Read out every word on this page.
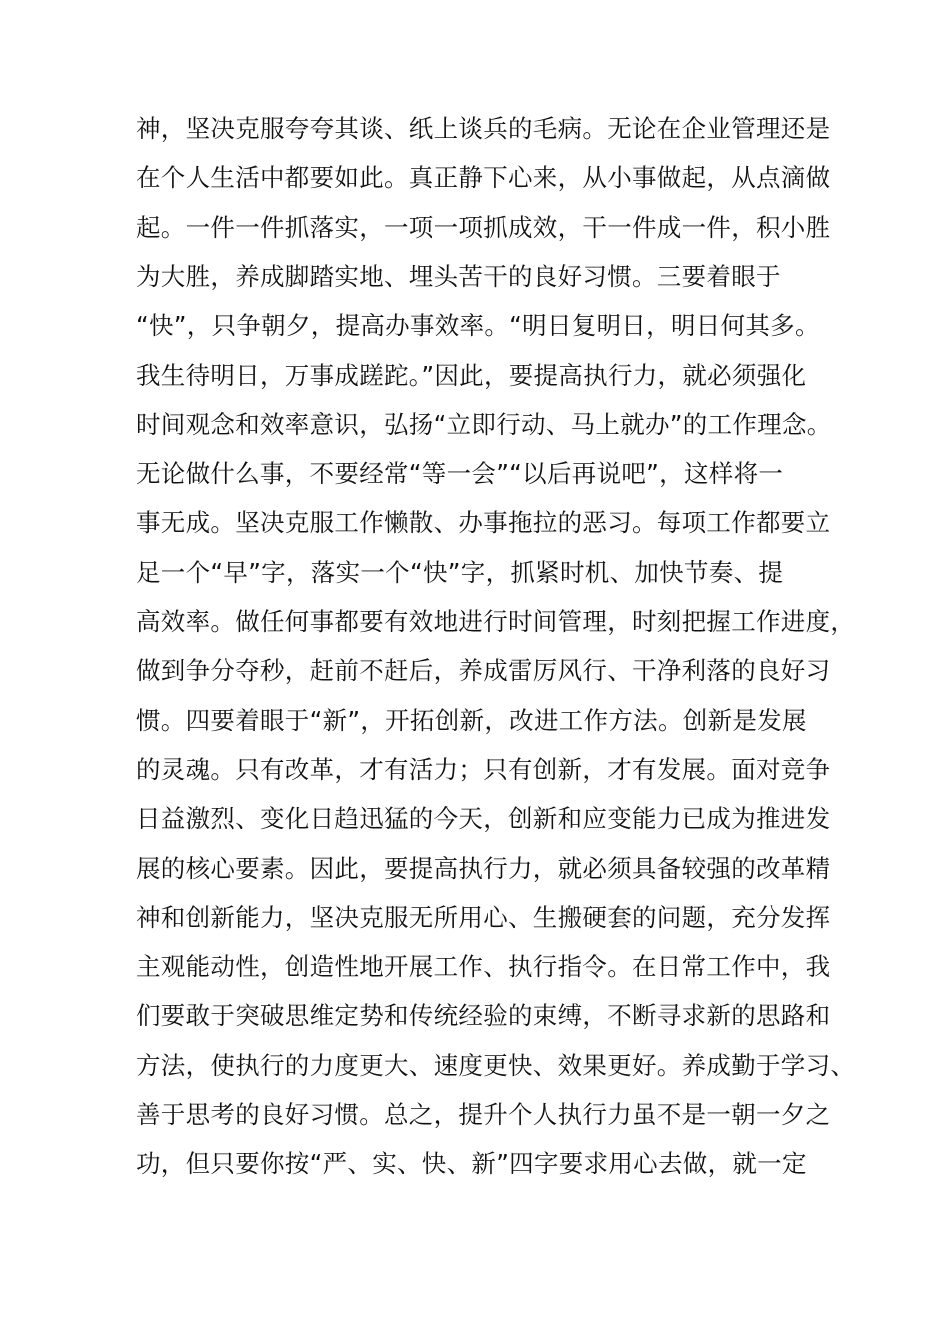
神，坚决克服夸夸其谈、纸上谈兵的毛病。无论在企业管理还是
在个人生活中都要如此。真正静下心来，从小事做起，从点滴做
起。一件一件抓落实，一项一项抓成效，干一件成一件，积小胜
为大胜，养成脚踏实地、埋头苦干的良好习惯。三要着眼于
“快”，只争朝夕，提高办事效率。“明日复明日，明日何其多。
我生待明日，万事成蹉跎。”因此，要提高执行力，就必须强化
时间观念和效率意识，弘扬“立即行动、马上就办”的工作理念。
无论做什么事，不要经常“等一会”“以后再说吧”，这样将一
事无成。坚决克服工作懒散、办事拖拉的恶习。每项工作都要立
足一个“早”字，落实一个“快”字，抓紧时机、加快节奏、提
高效率。做任何事都要有效地进行时间管理，时刻把握工作进度，
做到争分夺秒，赶前不赶后，养成雷厉风行、干净利落的良好习
惯。四要着眼于“新”，开拓创新，改进工作方法。创新是发展
的灵魂。只有改革，才有活力；只有创新，才有发展。面对竞争
日益激烈、变化日趋迅猛的今天，创新和应变能力已成为推进发
展的核心要素。因此，要提高执行力，就必须具备较强的改革精
神和创新能力，坚决克服无所用心、生搬硬套的问题，充分发挥
主观能动性，创造性地开展工作、执行指令。在日常工作中，我
们要敢于突破思维定势和传统经验的束缚，不断寻求新的思路和
方法，使执行的力度更大、速度更快、效果更好。养成勤于学习、
善于思考的良好习惯。总之，提升个人执行力虽不是一朝一夕之
功，但只要你按“严、实、快、新”四字要求用心去做，就一定
